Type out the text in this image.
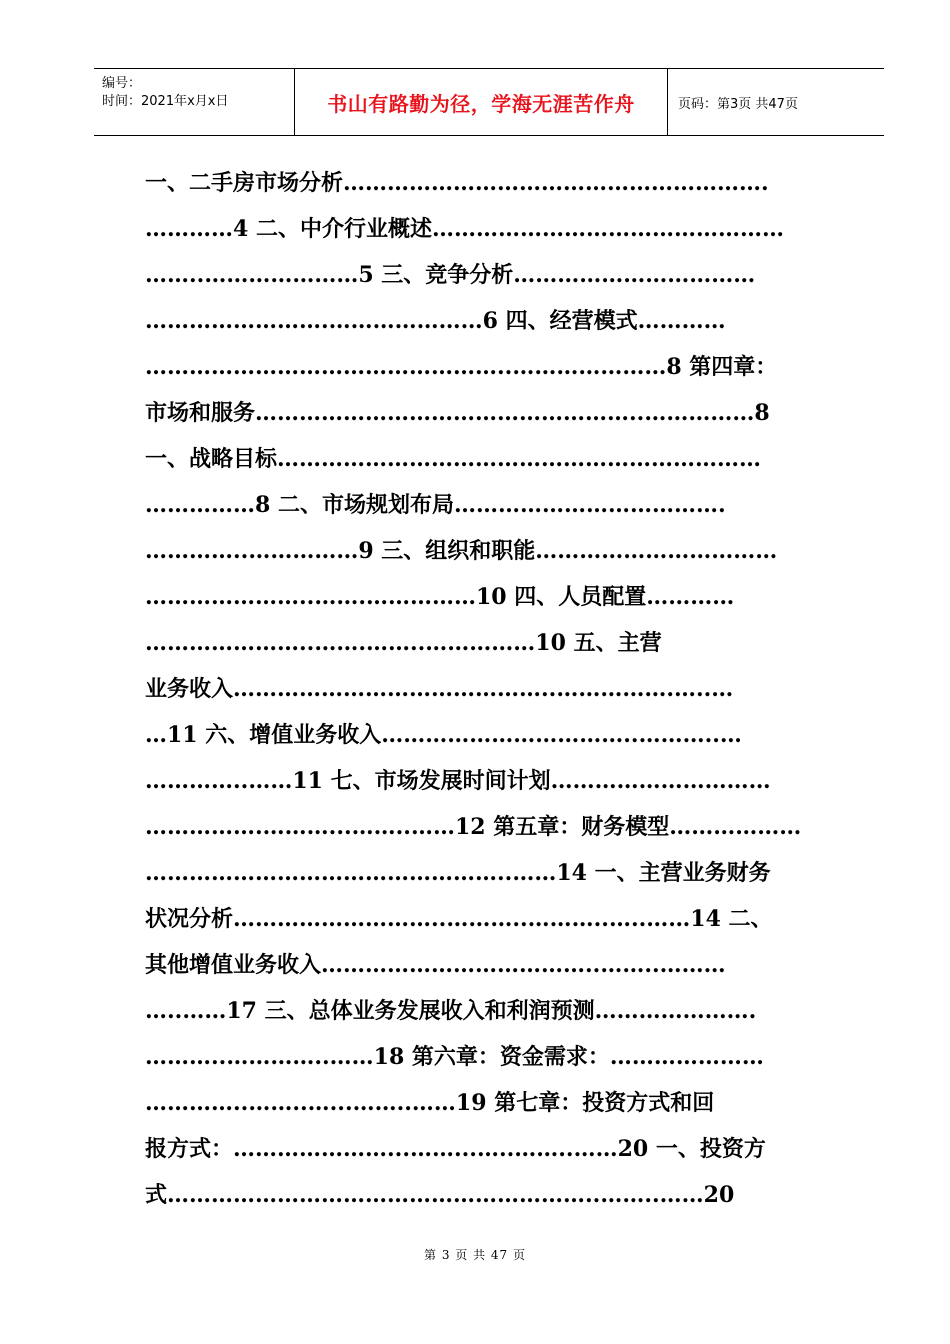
编号：
时间：2021年x月x日	书山有路勤为径，学海无涯苦作舟	页码：第3页 共47页
一、二手房市场分析………………………………………………….
…………4 二、中介行业概述…………………………………………
……..…………………5 三、竞争分析……………………………
…………………….…………………6 四、经营模式…………
…………………………………………..…………………8 第四章：
市场和服务……………………………………………..……………8
一、战略目标…………………………………………………………
……………8 二、市场规划布局……………………………….
…………..……………9 三、组织和职能……………………………
…………………..…….……………10 四、人员配置…………
…………………..…….……..……………10 五、主营
业务收入……………………………………..…………….…..…
…11 六、增值业务收入……………………………..………..…
…………..……11 七、市场发展时间计划…………………………
…………….………...……..……12 第五章：财务模型………………
…………………………………………..……14 一、主营业务财务
状况分析………………………..………..………..…..……14 二、
其他增值业务收入………………………………..……..………
…..……17 三、总体业务发展收入和利润预测………………….
………..…………..……18 第六章：资金需求：…………………
…………..……..…...……..……19 第七章：投资方式和回
报方式：…………………...……...…..……..……20 一、投资方
式…………………………………………………..……..……20
第 3 页 共 47 页
